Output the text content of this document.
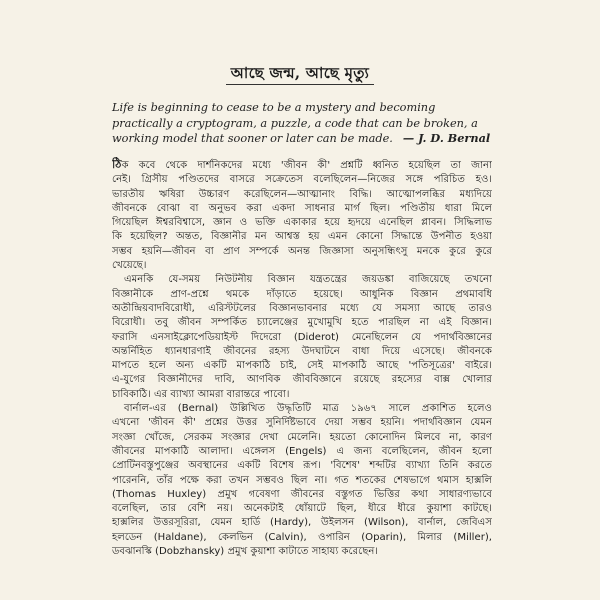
আছে জন্ম, আছে মৃত্যু
Life is beginning to cease to be a mystery and becoming
practically a cryptogram, a puzzle, a code that can be broken, a
working model that sooner or later can be made. — J. D. Bernal
ঠিক কবে থেকে দার্শনিকদের মধ্যে 'জীবন কী' প্রশ্নটি ধ্বনিত হয়েছিল তা জানা
নেই। গ্রিসীয় পণ্ডিতদের বাসরে সক্রেতেস বলেছিলেন—নিজের সঙ্গে পরিচিত হও।
ভারতীয় ঋষিরা উচ্চারণ করেছিলেন—আত্মানাং বিদ্ধি। আত্মোপলব্ধির মধ্যদিয়ে
জীবনকে বোঝা বা অনুভব করা একদা সাধনার মার্গ ছিল। পণ্ডিতীয় ধারা মিলে
গিয়েছিল ঈশ্বরবিশ্বাসে, জ্ঞান ও ভক্তি একাকার হয়ে হৃদয়ে এনেছিল প্লাবন। সিদ্ধিলাভ
কি হয়েছিল? অন্তত, বিজ্ঞানীর মন আশ্বস্ত হয় এমন কোনো সিদ্ধান্তে উপনীত হওয়া
সম্ভব হয়নি—জীবন বা প্রাণ সম্পর্কে অনন্ত জিজ্ঞাসা অনুসন্ধিৎসু মনকে কুরে কুরে
খেয়েছে।
এমনকি যে-সময় নিউটনীয় বিজ্ঞান যন্ত্রতন্ত্রের জয়ডঙ্কা বাজিয়েছে তখনো
বিজ্ঞানীকে প্রাণ-প্রশ্নে থমকে দাঁড়াতে হয়েছে। আধুনিক বিজ্ঞান প্রথমাবধি
অতীন্দ্রিয়বাদবিরোধী, এরিস্টটলের বিজ্ঞানভাবনার মধ্যে যে সমস্যা আছে তারও
বিরোধী। তবু জীবন সম্পর্কিত চ্যালেঞ্জের মুখোমুখি হতে পারছিল না এই বিজ্ঞান।
ফরাসি এনসাইক্লোপেডিয়াইস্ট দিদেরো (Diderot) মেনেছিলেন যে পদার্থবিজ্ঞানের
অন্তর্নিহিত ধ্যানধারণাই জীবনের রহস্য উদঘাটনে বাধা দিয়ে এসেছে। জীবনকে
মাপতে হলে অন্য একটি মাপকাঠি চাই, সেই মাপকাঠি আছে 'পতিসূত্রের' বাইরে।
এ-যুগের বিজ্ঞানীদের দাবি, আণবিক জীববিজ্ঞানে রয়েছে রহস্যের বাক্স খোলার
চাবিকাঠি। এর ব্যাখ্যা আমরা বারান্তরে পাবো।
বার্নাল-এর (Bernal) উল্লিখিত উদ্ধৃতিটি মাত্র ১৯৬৭ সালে প্রকাশিত হলেও
এখনো 'জীবন কী' প্রশ্নের উত্তর সুনির্দিষ্টভাবে দেয়া সম্ভব হয়নি। পদার্থবিজ্ঞান যেমন
সংজ্ঞা খোঁজে, সেরকম সংজ্ঞার দেখা মেলেনি। হয়তো কোনোদিন মিলবে না, কারণ
জীবনের মাপকাঠি আলাদা। এঙ্গেলস (Engels) এ জন্য বলেছিলেন, জীবন হলো
প্রোটিনবস্তুপুঞ্জের অবস্থানের একটি বিশেষ রূপ। 'বিশেষ' শব্দটির ব্যাখ্যা তিনি করতে
পারেননি, তাঁর পক্ষে করা তখন সম্ভবও ছিল না। গত শতকের শেষভাগে থমাস হাক্সলি
(Thomas Huxley) প্রমুখ গবেষণা জীবনের বস্তুগত ভিত্তির কথা সাধারণ্যভাবে
বলেছিল, তার বেশি নয়। অনেকটাই ধোঁয়াটে ছিল, ধীরে ধীরে কুয়াশা কাটছে।
হাক্সলির উত্তরসূরিরা, যেমন হার্ডি (Hardy), উইলসন (Wilson), বার্নাল, জেবিএস
হলডেন (Haldane), কেলভিন (Calvin), ওপারিন (Oparin), মিলার (Miller),
ডবঝানস্কি (Dobzhansky) প্রমুখ কুয়াশা কাটাতে সাহায্য করেছেন।
